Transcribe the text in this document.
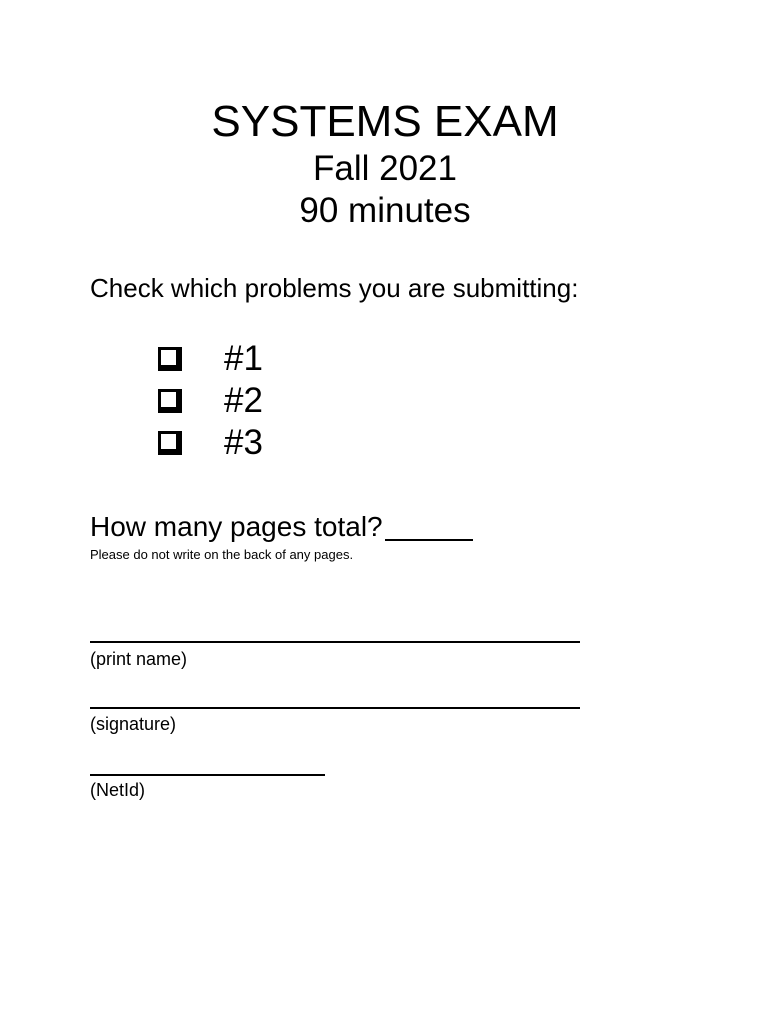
SYSTEMS EXAM
Fall 2021
90 minutes
Check which problems you are submitting:
#1
#2
#3
How many pages total?
Please do not write on the back of any pages.
(print name)
(signature)
(NetId)
